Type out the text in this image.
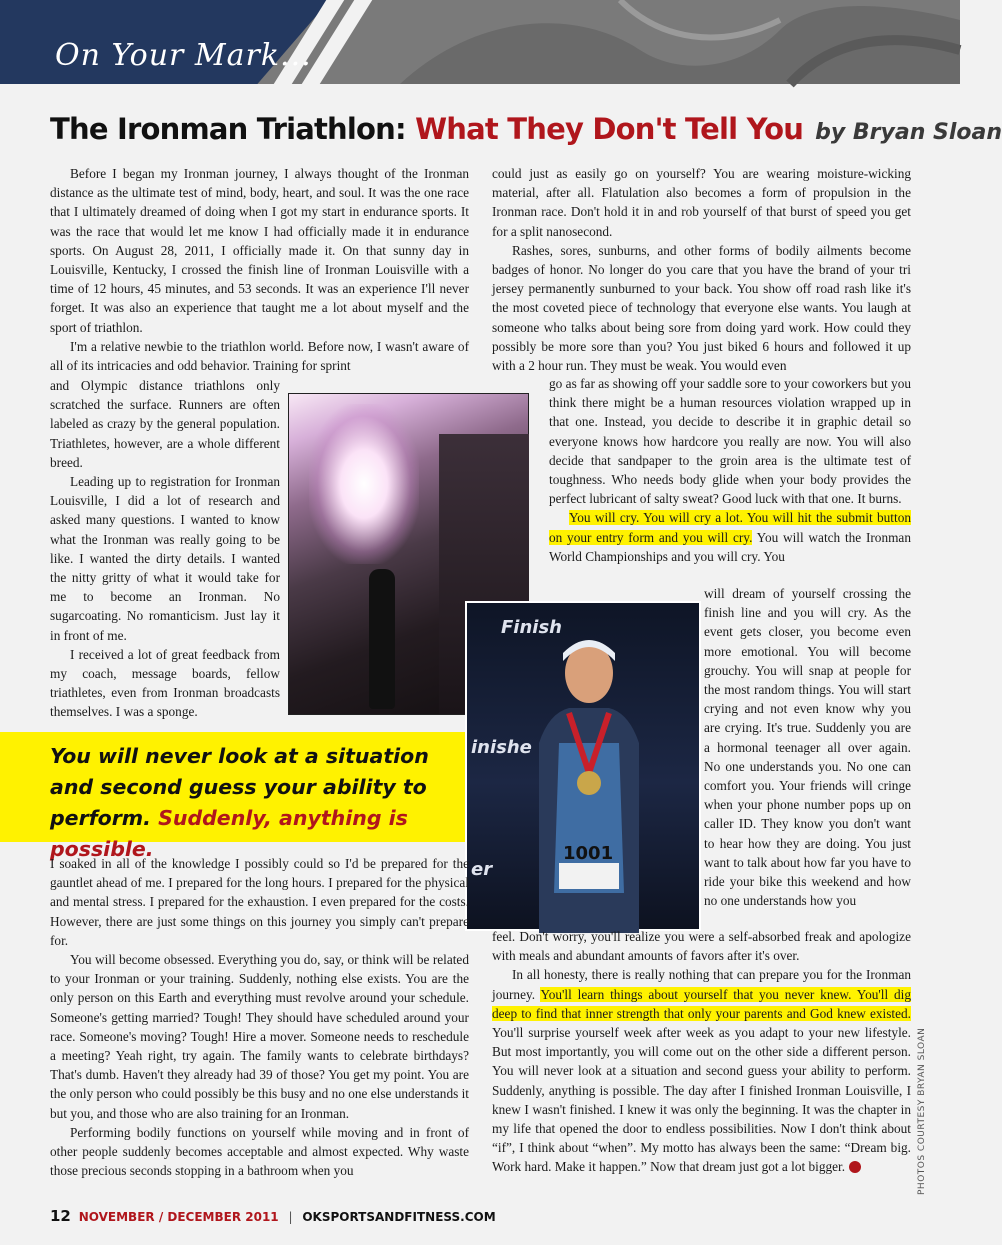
On Your Mark...
The Ironman Triathlon: What They Don't Tell You by Bryan Sloan

Before I began my Ironman journey, I always thought of the Ironman distance as the ultimate test of mind, body, heart, and soul. It was the one race that I ultimately dreamed of doing when I got my start in endurance sports. It was the race that would let me know I had officially made it in endurance sports. On August 28, 2011, I officially made it. On that sunny day in Louisville, Kentucky, I crossed the finish line of Ironman Louisville with a time of 12 hours, 45 minutes, and 53 seconds. It was an experience I'll never forget. It was also an experience that taught me a lot about myself and the sport of triathlon.

I'm a relative newbie to the triathlon world. Before now, I wasn't aware of all of its intricacies and odd behavior. Training for sprint

and Olympic distance triathlons only scratched the surface. Runners are often labeled as crazy by the general population. Triathletes, however, are a whole different breed.

Leading up to registration for Ironman Louisville, I did a lot of research and asked many questions. I wanted to know what the Ironman was really going to be like. I wanted the dirty details. I wanted the nitty gritty of what it would take for me to become an Ironman. No sugarcoating. No romanticism. Just lay it in front of me.

I received a lot of great feedback from my coach, message boards, fellow triathletes, even from Ironman broadcasts themselves. I was a sponge.

You will never look at a situation and second guess your ability to perform. Suddenly, anything is possible.
Finish
inishe
er
1001

I soaked in all of the knowledge I possibly could so I'd be prepared for the gauntlet ahead of me. I prepared for the long hours. I prepared for the physical and mental stress. I prepared for the exhaustion. I even prepared for the costs. However, there are just some things on this journey you simply can't prepare for.

You will become obsessed. Everything you do, say, or think will be related to your Ironman or your training. Suddenly, nothing else exists. You are the only person on this Earth and everything must revolve around your schedule. Someone's getting married? Tough! They should have scheduled around your race. Someone's moving? Tough! Hire a mover. Someone needs to reschedule a meeting? Yeah right, try again. The family wants to celebrate birthdays? That's dumb. Haven't they already had 39 of those? You get my point. You are the only person who could possibly be this busy and no one else understands it but you, and those who are also training for an Ironman.

Performing bodily functions on yourself while moving and in front of other people suddenly becomes acceptable and almost expected. Why waste those precious seconds stopping in a bathroom when you

could just as easily go on yourself? You are wearing moisture-wicking material, after all. Flatulation also becomes a form of propulsion in the Ironman race. Don't hold it in and rob yourself of that burst of speed you get for a split nanosecond.

Rashes, sores, sunburns, and other forms of bodily ailments become badges of honor. No longer do you care that you have the brand of your tri jersey permanently sunburned to your back. You show off road rash like it's the most coveted piece of technology that everyone else wants. You laugh at someone who talks about being sore from doing yard work. How could they possibly be more sore than you? You just biked 6 hours and followed it up with a 2 hour run. They must be weak. You would even

go as far as showing off your saddle sore to your coworkers but you think there might be a human resources violation wrapped up in that one. Instead, you decide to describe it in graphic detail so everyone knows how hardcore you really are now. You will also decide that sandpaper to the groin area is the ultimate test of toughness. Who needs body glide when your body provides the perfect lubricant of salty sweat? Good luck with that one. It burns.

You will cry. You will cry a lot. You will hit the submit button on your entry form and you will cry. You will watch the Ironman World Championships and you will cry. You

will dream of yourself crossing the finish line and you will cry. As the event gets closer, you become even more emotional. You will become grouchy. You will snap at people for the most random things. You will start crying and not even know why you are crying. It's true. Suddenly you are a hormonal teenager all over again. No one understands you. No one can comfort you. Your friends will cringe when your phone number pops up on caller ID. They know you don't want to hear how they are doing. You just want to talk about how far you have to ride your bike this weekend and how no one understands how you

feel. Don't worry, you'll realize you were a self-absorbed freak and apologize with meals and abundant amounts of favors after it's over.

In all honesty, there is really nothing that can prepare you for the Ironman journey. You'll learn things about yourself that you never knew. You'll dig deep to find that inner strength that only your parents and God knew existed. You'll surprise yourself week after week as you adapt to your new lifestyle. But most importantly, you will come out on the other side a different person. You will never look at a situation and second guess your ability to perform. Suddenly, anything is possible. The day after I finished Ironman Louisville, I knew I wasn't finished. I knew it was only the beginning. It was the chapter in my life that opened the door to endless possibilities. Now I don't think about “if”, I think about “when”. My motto has always been the same: “Dream big. Work hard. Make it happen.” Now that dream just got a lot bigger.

12 NOVEMBER / DECEMBER 2011 | OKSPORTSANDFITNESS.COM
PHOTOS COURTESY BRYAN SLOAN
